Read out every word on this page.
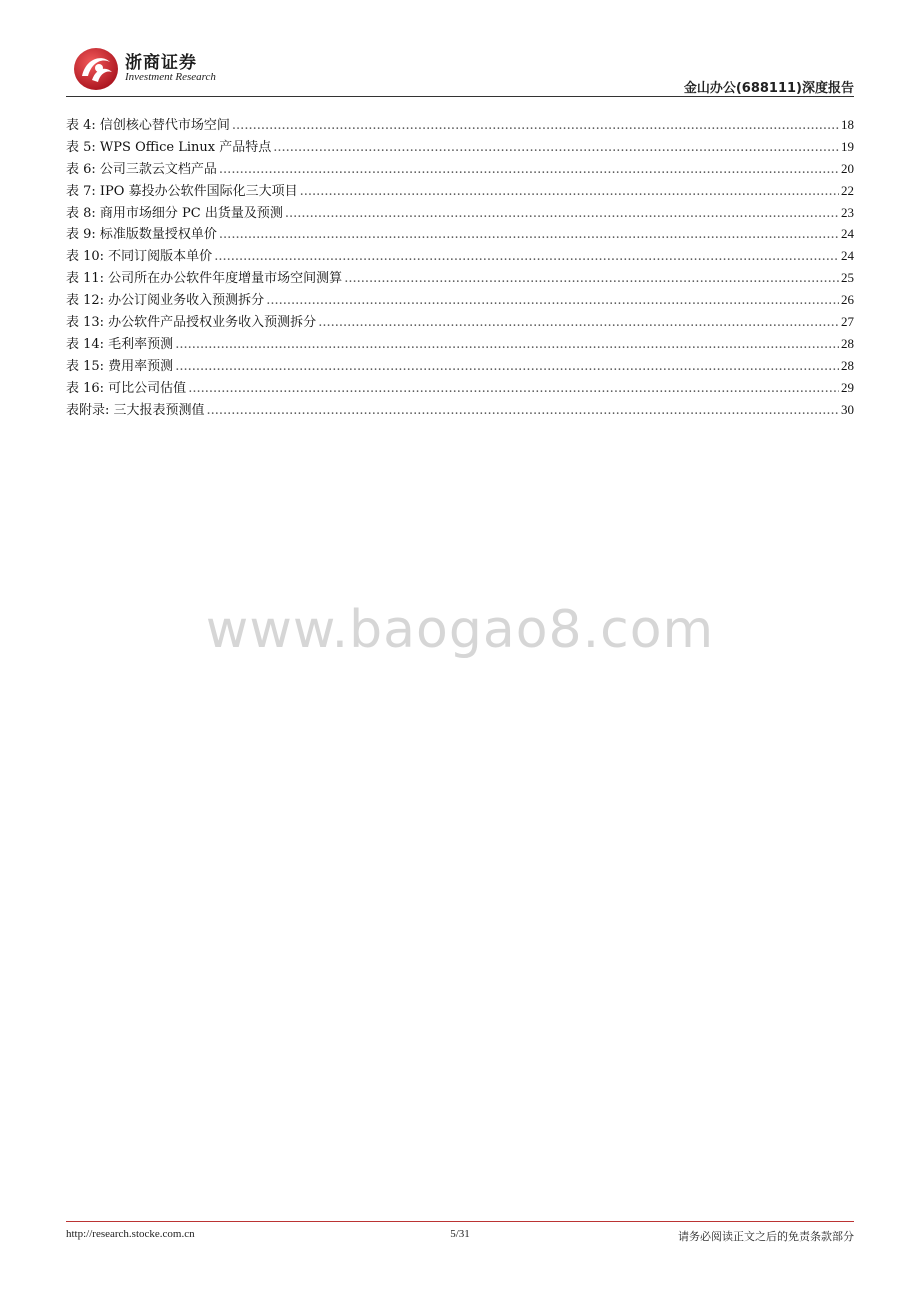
浙商证券
Investment Research
金山办公(688111)深度报告
表 4: 信创核心替代市场空间 .....	18
表 5: WPS Office Linux 产品特点 .....	19
表 6: 公司三款云文档产品 .....	20
表 7: IPO 募投办公软件国际化三大项目 .....	22
表 8: 商用市场细分 PC 出货量及预测 .....	23
表 9: 标准版数量授权单价 .....	24
表 10: 不同订阅版本单价 .....	24
表 11: 公司所在办公软件年度增量市场空间测算 .....	25
表 12: 办公订阅业务收入预测拆分 .....	26
表 13: 办公软件产品授权业务收入预测拆分 .....	27
表 14: 毛利率预测 .....	28
表 15: 费用率预测 .....	28
表 16: 可比公司估值 .....	29
表附录: 三大报表预测值 .....	30
www.baogao8.com
http://research.stocke.com.cn	5/31	请务必阅读正文之后的免责条款部分
